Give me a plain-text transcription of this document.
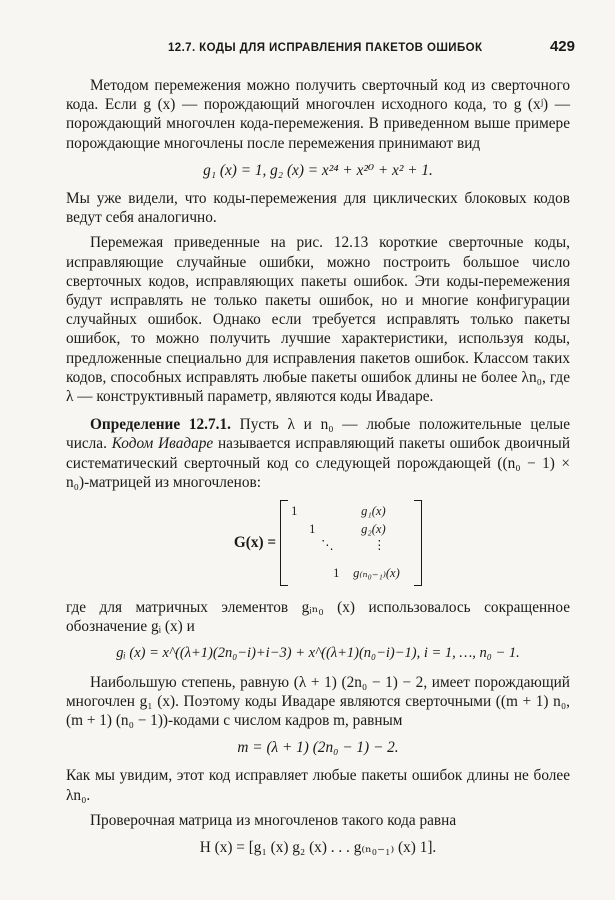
12.7. КОДЫ ДЛЯ ИСПРАВЛЕНИЯ ПАКЕТОВ ОШИБОК	429

Методом перемежения можно получить сверточный код из сверточного кода. Если g (x) — порождающий многочлен исходного кода, то g (xʲ) — порождающий многочлен кода-перемежения. В приведенном выше примере порождающие многочлены после перемежения принимают вид

g₁ (x) = 1, g₂ (x) = x²⁴ + x²⁰ + x² + 1.

Мы уже видели, что коды-перемежения для циклических блоковых кодов ведут себя аналогично.

Перемежая приведенные на рис. 12.13 короткие сверточные коды, исправляющие случайные ошибки, можно построить большое число сверточных кодов, исправляющих пакеты ошибок. Эти коды-перемежения будут исправлять не только пакеты ошибок, но и многие конфигурации случайных ошибок. Однако если требуется исправлять только пакеты ошибок, то можно получить лучшие характеристики, используя коды, предложенные специально для исправления пакетов ошибок. Классом таких кодов, способных исправлять любые пакеты ошибок длины не более λn₀, где λ — конструктивный параметр, являются коды Ивадаре.

Определение 12.7.1. Пусть λ и n₀ — любые положительные целые числа. Кодом Ивадаре называется исправляющий пакеты ошибок двоичный систематический сверточный код со следующей порождающей ((n₀ − 1) × n₀)-матрицей из многочленов:

G(x) =
1
1
⋱
1
g₁(x)
g₂(x)
⋮
g₍ₙ₀₋₁₎(x)

где для матричных элементов gᵢₙ₀ (x) использовалось сокращенное обозначение gᵢ (x) и

gᵢ (x) = x^((λ+1)(2n₀−i)+i−3) + x^((λ+1)(n₀−i)−1), i = 1, …, n₀ − 1.

Наибольшую степень, равную (λ + 1) (2n₀ − 1) − 2, имеет порождающий многочлен g₁ (x). Поэтому коды Ивадаре являются сверточными ((m + 1) n₀, (m + 1) (n₀ − 1))-кодами с числом кадров m, равным

m = (λ + 1) (2n₀ − 1) − 2.

Как мы увидим, этот код исправляет любые пакеты ошибок длины не более λn₀.

Проверочная матрица из многочленов такого кода равна

H (x) = [g₁ (x) g₂ (x) . . . g₍ₙ₀₋₁₎ (x) 1].
